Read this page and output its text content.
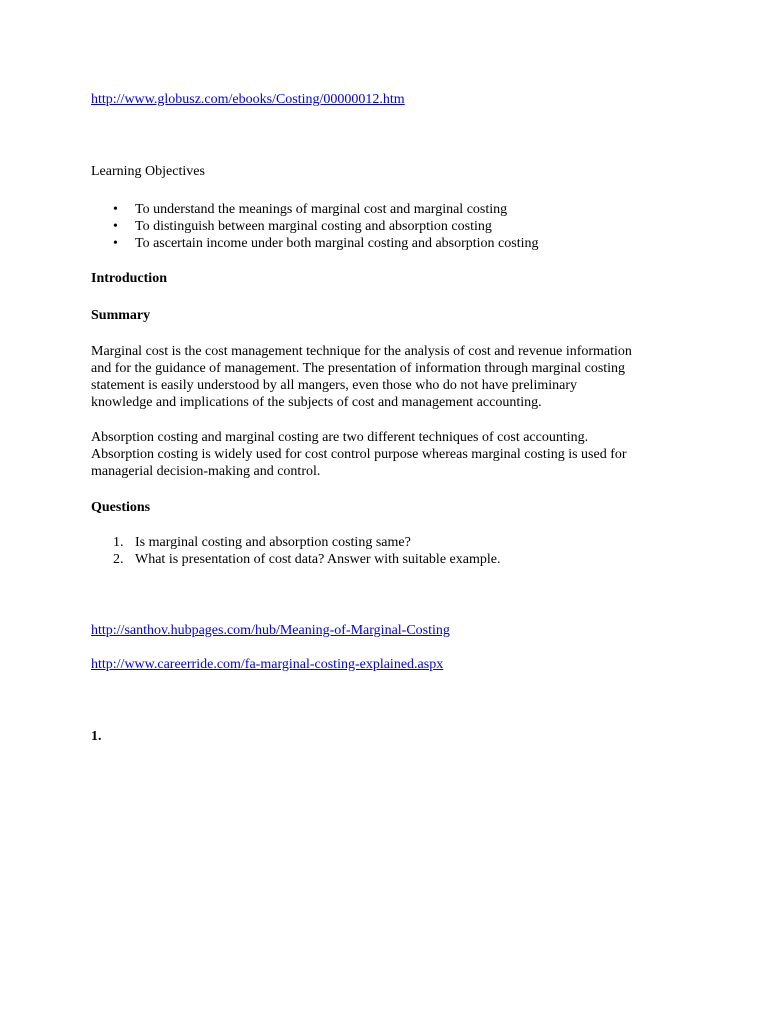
http://www.globusz.com/ebooks/Costing/00000012.htm

Learning Objectives

• To understand the meanings of marginal cost and marginal costing
• To distinguish between marginal costing and absorption costing
• To ascertain income under both marginal costing and absorption costing

Introduction

Summary

Marginal cost is the cost management technique for the analysis of cost and revenue information
and for the guidance of management. The presentation of information through marginal costing
statement is easily understood by all mangers, even those who do not have preliminary
knowledge and implications of the subjects of cost and management accounting.
Absorption costing and marginal costing are two different techniques of cost accounting.
Absorption costing is widely used for cost control purpose whereas marginal costing is used for
managerial decision-making and control.

Questions

1. Is marginal costing and absorption costing same?
2. What is presentation of cost data? Answer with suitable example.
http://santhov.hubpages.com/hub/Meaning-of-Marginal-Costing
http://www.careerride.com/fa-marginal-costing-explained.aspx

1.
